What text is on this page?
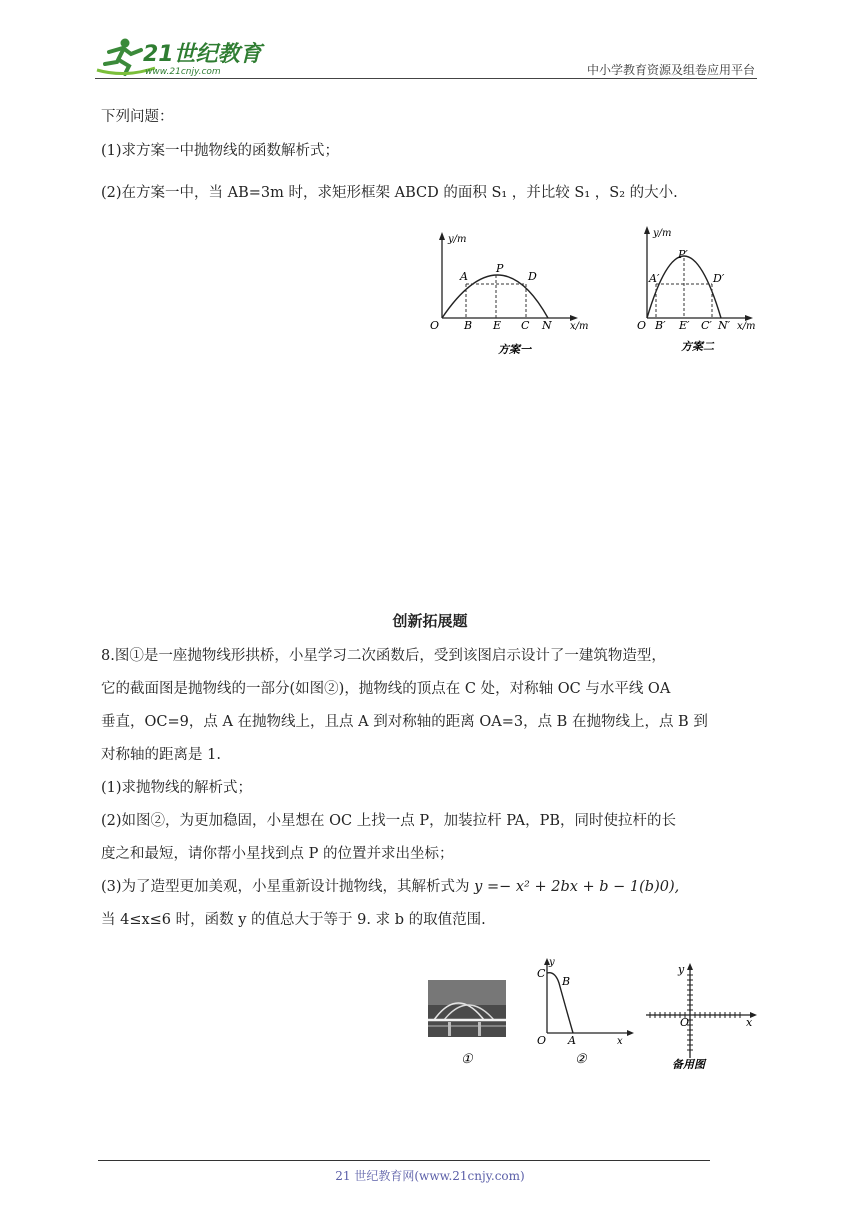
21世纪教育
www.21cnjy.com	中小学教育资源及组卷应用平台
下列问题：
(1)求方案一中抛物线的函数解析式；
(2)在方案一中，当 AB=3m 时，求矩形框架 ABCD 的面积 S₁ ，并比较 S₁ ，S₂ 的大小.
y/m
A
P
D
O B E C N x/m
方案一
y/m
A′
P′
D′
O B′ E′ C′ N′ x/m
方案二
创新拓展题
8.图①是一座抛物线形拱桥，小星学习二次函数后，受到该图启示设计了一建筑物造型，
它的截面图是抛物线的一部分(如图②)，抛物线的顶点在 C 处，对称轴 OC 与水平线 OA
垂直，OC=9，点 A 在抛物线上，且点 A 到对称轴的距离 OA=3，点 B 在抛物线上，点 B 到
对称轴的距离是 1.
(1)求抛物线的解析式；
(2)如图②，为更加稳固，小星想在 OC 上找一点 P，加装拉杆 PA，PB，同时使拉杆的长
度之和最短，请你帮小星找到点 P 的位置并求出坐标；
(3)为了造型更加美观，小星重新设计抛物线，其解析式为 y =− x² + 2bx + b − 1(b)0),
当 4≤x≤6 时，函数 y 的值总大于等于 9. 求 b 的取值范围.
①
y
C
B
O A	x
②
y
O	x
备用图
21 世纪教育网(www.21cnjy.com)
